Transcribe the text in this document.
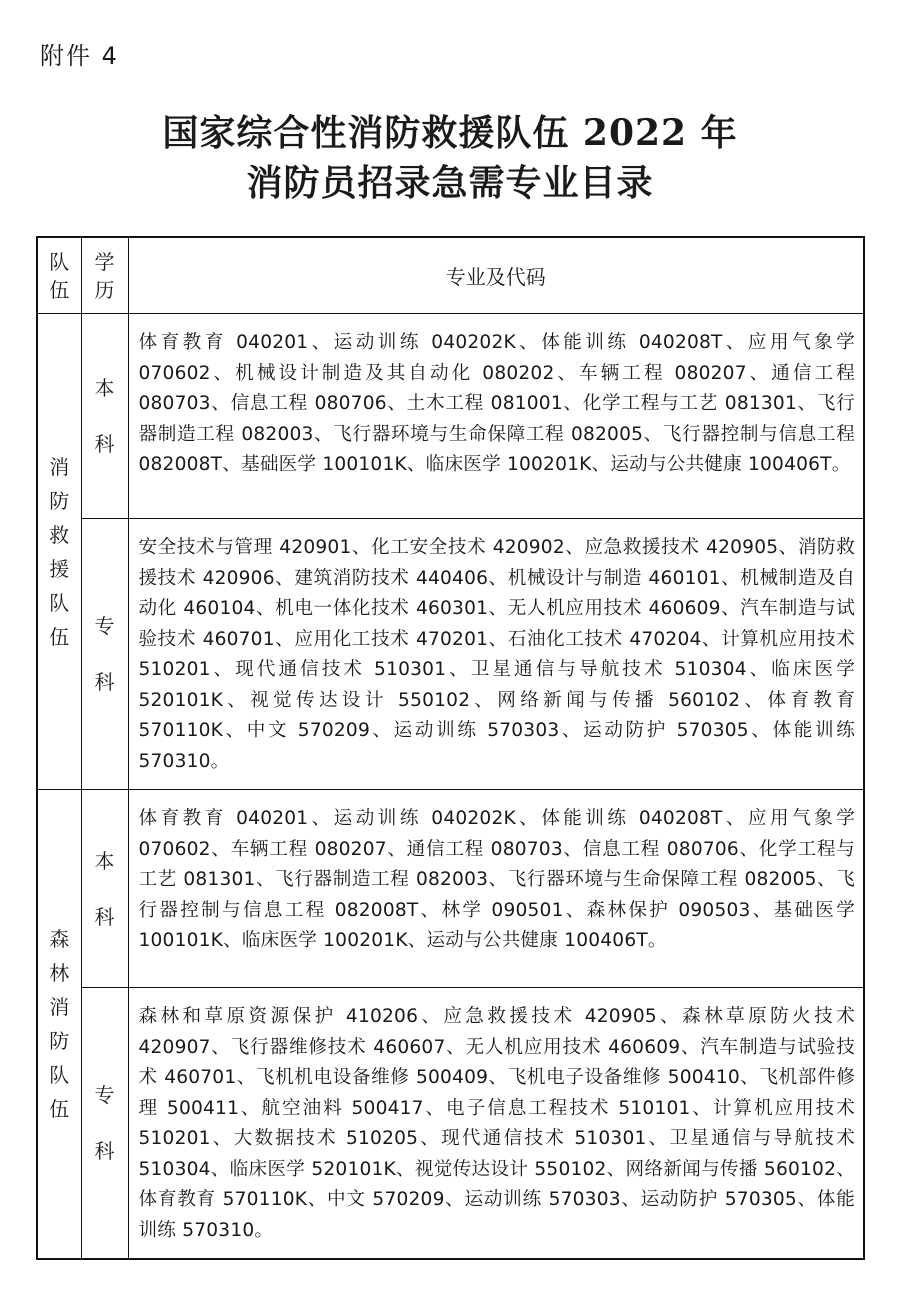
附件 4
国家综合性消防救援队伍 2022 年
消防员招录急需专业目录
队伍	学历	专业及代码

消防救援队伍	本科	体育教育 040201、运动训练 040202K、体能训练 040208T、应用气象学 070602、机械设计制造及其自动化 080202、车辆工程 080207、通信工程 080703、信息工程 080706、土木工程 081001、化学工程与工艺 081301、飞行器制造工程 082003、飞行器环境与生命保障工程 082005、飞行器控制与信息工程 082008T、基础医学 100101K、临床医学 100201K、运动与公共健康 100406T。

	专科	安全技术与管理 420901、化工安全技术 420902、应急救援技术 420905、消防救援技术 420906、建筑消防技术 440406、机械设计与制造 460101、机械制造及自动化 460104、机电一体化技术 460301、无人机应用技术 460609、汽车制造与试验技术 460701、应用化工技术 470201、石油化工技术 470204、计算机应用技术 510201、现代通信技术 510301、卫星通信与导航技术 510304、临床医学 520101K、视觉传达设计 550102、网络新闻与传播 560102、体育教育 570110K、中文 570209、运动训练 570303、运动防护 570305、体能训练 570310。

森林消防队伍	本科	体育教育 040201、运动训练 040202K、体能训练 040208T、应用气象学 070602、车辆工程 080207、通信工程 080703、信息工程 080706、化学工程与工艺 081301、飞行器制造工程 082003、飞行器环境与生命保障工程 082005、飞行器控制与信息工程 082008T、林学 090501、森林保护 090503、基础医学 100101K、临床医学 100201K、运动与公共健康 100406T。

	专科	森林和草原资源保护 410206、应急救援技术 420905、森林草原防火技术 420907、飞行器维修技术 460607、无人机应用技术 460609、汽车制造与试验技术 460701、飞机机电设备维修 500409、飞机电子设备维修 500410、飞机部件修理 500411、航空油料 500417、电子信息工程技术 510101、计算机应用技术 510201、大数据技术 510205、现代通信技术 510301、卫星通信与导航技术 510304、临床医学 520101K、视觉传达设计 550102、网络新闻与传播 560102、体育教育 570110K、中文 570209、运动训练 570303、运动防护 570305、体能训练 570310。
